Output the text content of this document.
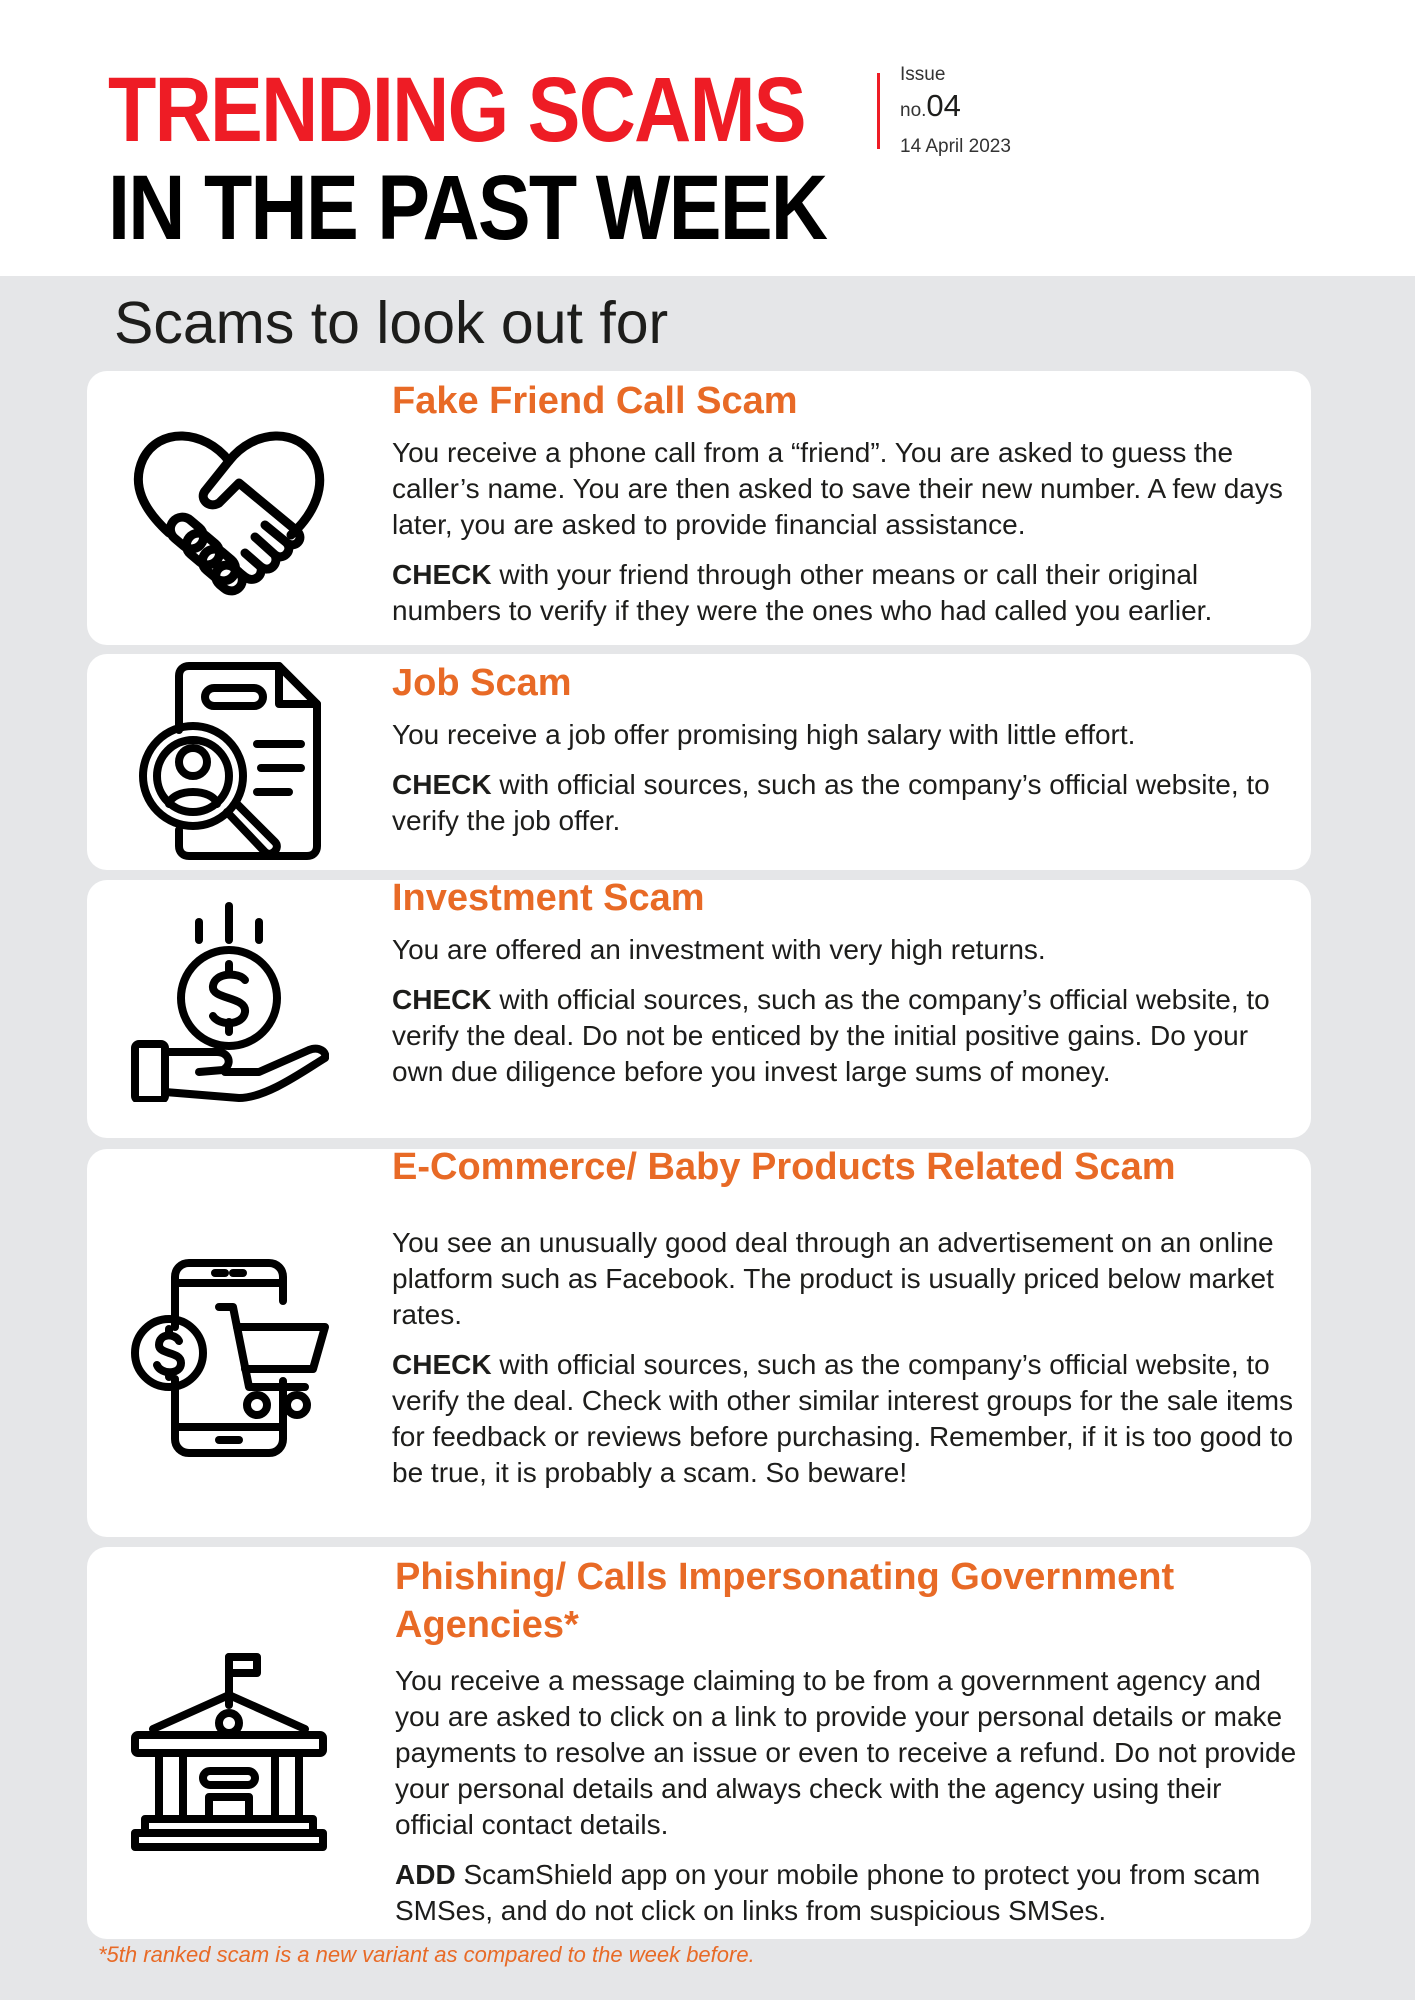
TRENDING SCAMS
IN THE PAST WEEK
Issue
no.04
14 April 2023
Scams to look out for
Fake Friend Call Scam

You receive a phone call from a “friend”. You are asked to guess the caller’s name. You are then asked to save their new number. A few days later, you are asked to provide financial assistance.

CHECK with your friend through other means or call their original numbers to verify if they were the ones who had called you earlier.

Job Scam

You receive a job offer promising high salary with little effort.

CHECK with official sources, such as the company’s official website, to verify the job offer.

Investment Scam

You are offered an investment with very high returns.

CHECK with official sources, such as the company’s official website, to verify the deal. Do not be enticed by the initial positive gains. Do your own due diligence before you invest large sums of money.

E-Commerce/ Baby Products Related Scam

You see an unusually good deal through an advertisement on an online platform such as Facebook. The product is usually priced below market rates.

CHECK with official sources, such as the company’s official website, to verify the deal. Check with other similar interest groups for the sale items for feedback or reviews before purchasing. Remember, if it is too good to be true, it is probably a scam. So beware!

Phishing/ Calls Impersonating Government Agencies*

You receive a message claiming to be from a government agency and you are asked to click on a link to provide your personal details or make payments to resolve an issue or even to receive a refund. Do not provide your personal details and always check with the agency using their official contact details.

ADD ScamShield app on your mobile phone to protect you from scam SMSes, and do not click on links from suspicious SMSes.

*5th ranked scam is a new variant as compared to the week before.
